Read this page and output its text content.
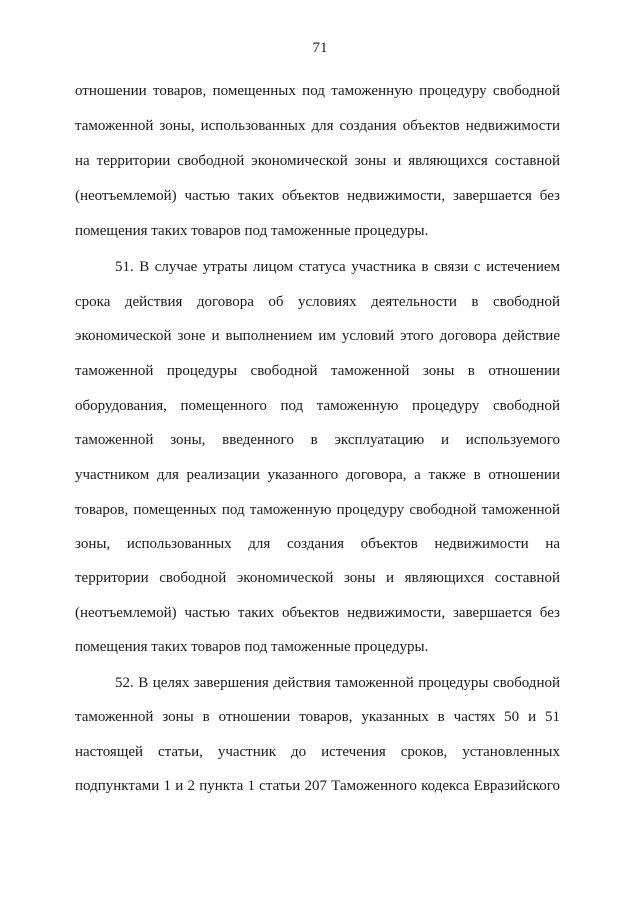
71
отношении товаров, помещенных под таможенную процедуру свободной
таможенной зоны, использованных для создания объектов недвижимости
на территории свободной экономической зоны и являющихся составной
(неотъемлемой) частью таких объектов недвижимости, завершается без
помещения таких товаров под таможенные процедуры.
51. В случае утраты лицом статуса участника в связи с истечением
срока действия договора об условиях деятельности в свободной
экономической зоне и выполнением им условий этого договора действие
таможенной процедуры свободной таможенной зоны в отношении
оборудования, помещенного под таможенную процедуру свободной
таможенной зоны, введенного в эксплуатацию и используемого
участником для реализации указанного договора, а также в отношении
товаров, помещенных под таможенную процедуру свободной таможенной
зоны, использованных для создания объектов недвижимости на
территории свободной экономической зоны и являющихся составной
(неотъемлемой) частью таких объектов недвижимости, завершается без
помещения таких товаров под таможенные процедуры.
52. В целях завершения действия таможенной процедуры свободной
таможенной зоны в отношении товаров, указанных в частях 50 и 51
настоящей статьи, участник до истечения сроков, установленных
подпунктами 1 и 2 пункта 1 статьи 207 Таможенного кодекса Евразийского
